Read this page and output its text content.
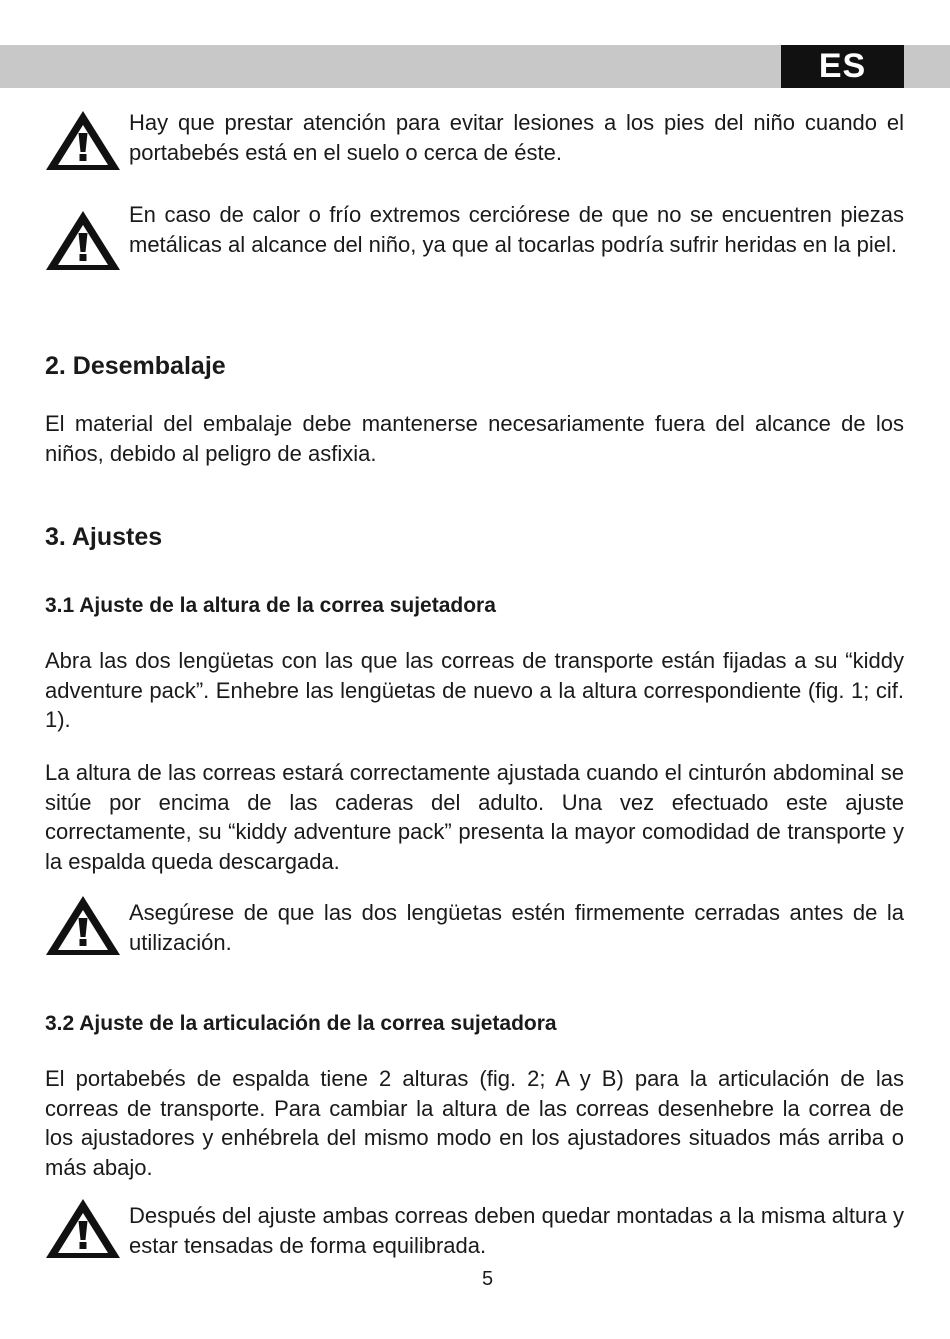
ES

Hay que prestar atención para evitar lesiones a los pies del niño cuando el portabebés está en el suelo o cerca de éste.

En caso de calor o frío extremos cerciórese de que no se encuentren piezas metálicas al alcance del niño, ya que al tocarlas podría sufrir heridas en la piel.

2. Desembalaje

El material del embalaje debe mantenerse necesariamente fuera del alcance de los niños, debido al peligro de asfixia.

3. Ajustes
3.1 Ajuste de la altura de la correa sujetadora

Abra las dos lengüetas con las que las correas de transporte están fijadas a su “kiddy adventure pack”. Enhebre las lengüetas de nuevo a la altura correspondiente (fig. 1; cif. 1).

La altura de las correas estará correctamente ajustada cuando el cinturón abdominal se sitúe por encima de las caderas del adulto. Una vez efectuado este ajuste correctamente, su “kiddy adventure pack” presenta la mayor comodidad de transporte y la espalda queda descargada.

Asegúrese de que las dos lengüetas estén firmemente cerradas antes de la utilización.

3.2 Ajuste de la articulación de la correa sujetadora

El portabebés de espalda tiene 2 alturas (fig. 2; A y B) para la articulación de las correas de transporte. Para cambiar la altura de las correas desenhebre la correa de los ajustadores y enhébrela del mismo modo en los ajustadores situados más arriba o más abajo.

Después del ajuste ambas correas deben quedar montadas a la misma altura y estar tensadas de forma equilibrada.

5
